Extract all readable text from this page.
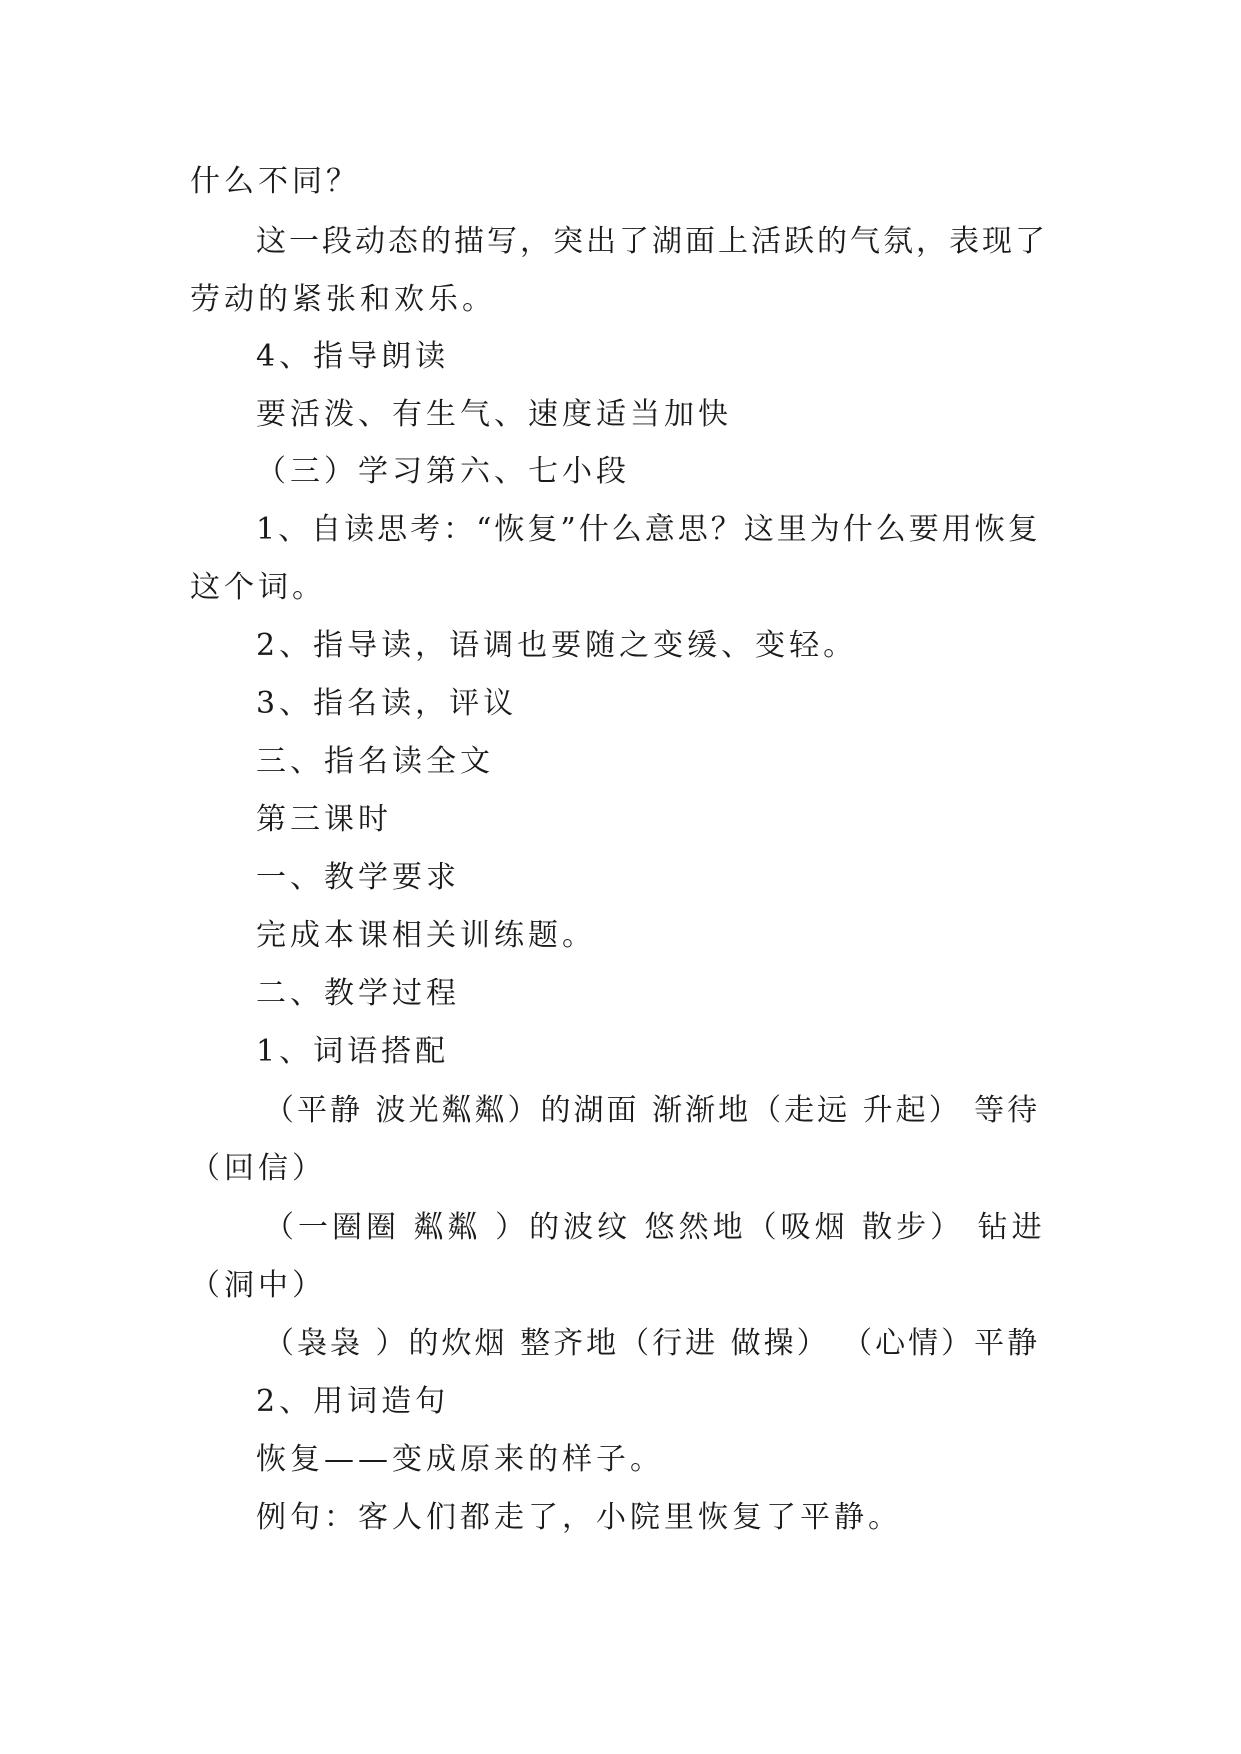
什么不同？
这一段动态的描写，突出了湖面上活跃的气氛，表现了
劳动的紧张和欢乐。
4、指导朗读
要活泼、有生气、速度适当加快
（三）学习第六、七小段
1、自读思考：“恢复”什么意思？这里为什么要用恢复
这个词。
2、指导读，语调也要随之变缓、变轻。
3、指名读，评议
三、指名读全文
第三课时
一、教学要求
完成本课相关训练题。
二、教学过程
1、词语搭配
（平静 波光粼粼）的湖面 渐渐地（走远 升起） 等待
（回信）
（一圈圈 粼粼 ）的波纹 悠然地（吸烟 散步） 钻进
（洞中）
（袅袅 ）的炊烟 整齐地（行进 做操） （心情）平静
2、用词造句
恢复——变成原来的样子。
例句：客人们都走了，小院里恢复了平静。
